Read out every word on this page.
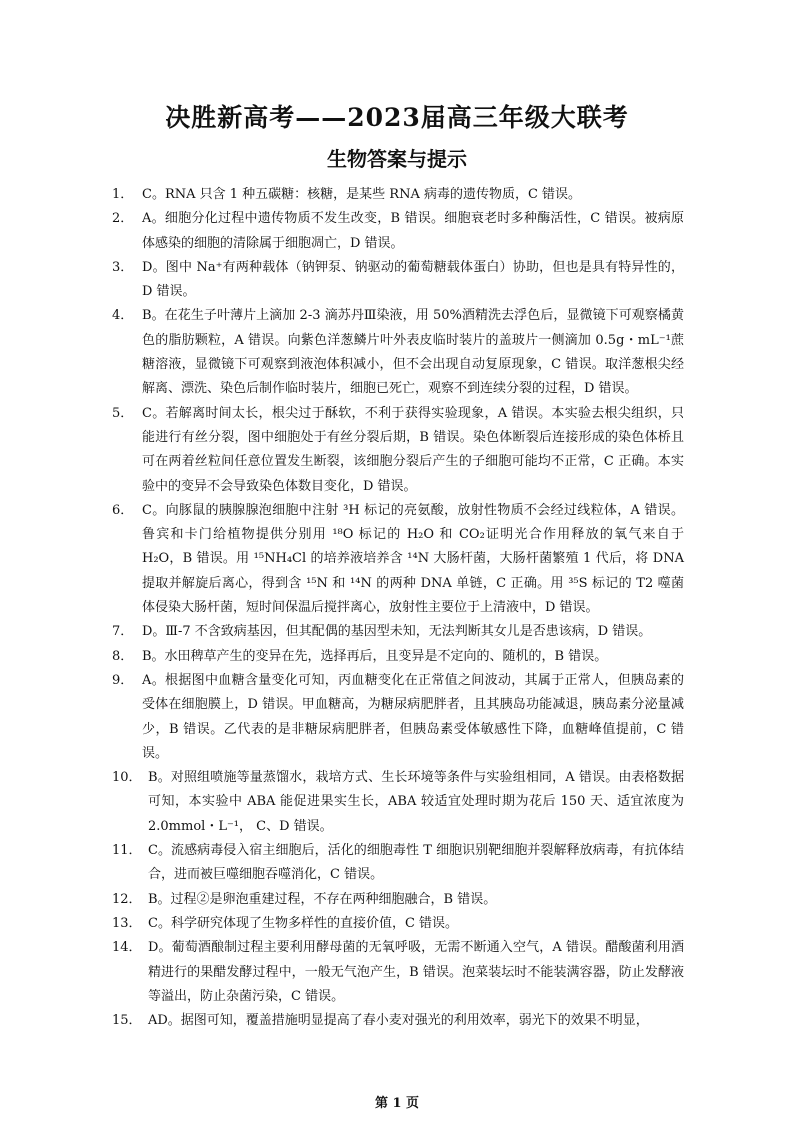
决胜新高考——2023届高三年级大联考
生物答案与提示

1． C。RNA 只含 1 种五碳糖：核糖，是某些 RNA 病毒的遗传物质，C 错误。

2． A。细胞分化过程中遗传物质不发生改变，B 错误。细胞衰老时多种酶活性，C 错误。被病原体感染的细胞的清除属于细胞凋亡，D 错误。

3． D。图中 Na⁺有两种载体（钠钾泵、钠驱动的葡萄糖载体蛋白）协助，但也是具有特异性的，D 错误。

4． B。在花生子叶薄片上滴加 2-3 滴苏丹Ⅲ染液，用 50%酒精洗去浮色后，显微镜下可观察橘黄色的脂肪颗粒，A 错误。向紫色洋葱鳞片叶外表皮临时装片的盖玻片一侧滴加 0.5g・mL⁻¹蔗糖溶液，显微镜下可观察到液泡体积减小，但不会出现自动复原现象，C 错误。取洋葱根尖经解离、漂洗、染色后制作临时装片，细胞已死亡，观察不到连续分裂的过程，D 错误。

5． C。若解离时间太长，根尖过于酥软，不利于获得实验现象，A 错误。本实验去根尖组织，只能进行有丝分裂，图中细胞处于有丝分裂后期，B 错误。染色体断裂后连接形成的染色体桥且可在两着丝粒间任意位置发生断裂，该细胞分裂后产生的子细胞可能均不正常，C 正确。本实验中的变异不会导致染色体数目变化，D 错误。

6． C。向豚鼠的胰腺腺泡细胞中注射 ³H 标记的亮氨酸，放射性物质不会经过线粒体，A 错误。鲁宾和卡门给植物提供分别用 ¹⁸O 标记的 H₂O 和 CO₂证明光合作用释放的氧气来自于 H₂O，B 错误。用 ¹⁵NH₄Cl 的培养液培养含 ¹⁴N 大肠杆菌，大肠杆菌繁殖 1 代后，将 DNA 提取并解旋后离心，得到含 ¹⁵N 和 ¹⁴N 的两种 DNA 单链，C 正确。用 ³⁵S 标记的 T2 噬菌体侵染大肠杆菌，短时间保温后搅拌离心，放射性主要位于上清液中，D 错误。

7． D。Ⅲ-7 不含致病基因，但其配偶的基因型未知，无法判断其女儿是否患该病，D 错误。

8． B。水田稗草产生的变异在先，选择再后，且变异是不定向的、随机的，B 错误。

9． A。根据图中血糖含量变化可知，丙血糖变化在正常值之间波动，其属于正常人，但胰岛素的受体在细胞膜上，D 错误。甲血糖高，为糖尿病肥胖者，且其胰岛功能减退，胰岛素分泌量减少，B 错误。乙代表的是非糖尿病肥胖者，但胰岛素受体敏感性下降，血糖峰值提前，C 错误。

10． B。对照组喷施等量蒸馏水，栽培方式、生长环境等条件与实验组相同，A 错误。由表格数据可知，本实验中 ABA 能促进果实生长，ABA 较适宜处理时期为花后 150 天、适宜浓度为 2.0mmol・L⁻¹， C、D 错误。

11． C。流感病毒侵入宿主细胞后，活化的细胞毒性 T 细胞识别靶细胞并裂解释放病毒，有抗体结合，进而被巨噬细胞吞噬消化，C 错误。

12． B。过程②是卵泡重建过程，不存在两种细胞融合，B 错误。

13． C。科学研究体现了生物多样性的直接价值，C 错误。

14． D。葡萄酒酿制过程主要利用酵母菌的无氧呼吸，无需不断通入空气，A 错误。醋酸菌利用酒精进行的果醋发酵过程中，一般无气泡产生，B 错误。泡菜装坛时不能装满容器，防止发酵液等溢出，防止杂菌污染，C 错误。

15． AD。据图可知，覆盖措施明显提高了春小麦对强光的利用效率，弱光下的效果不明显，

第 1 页
